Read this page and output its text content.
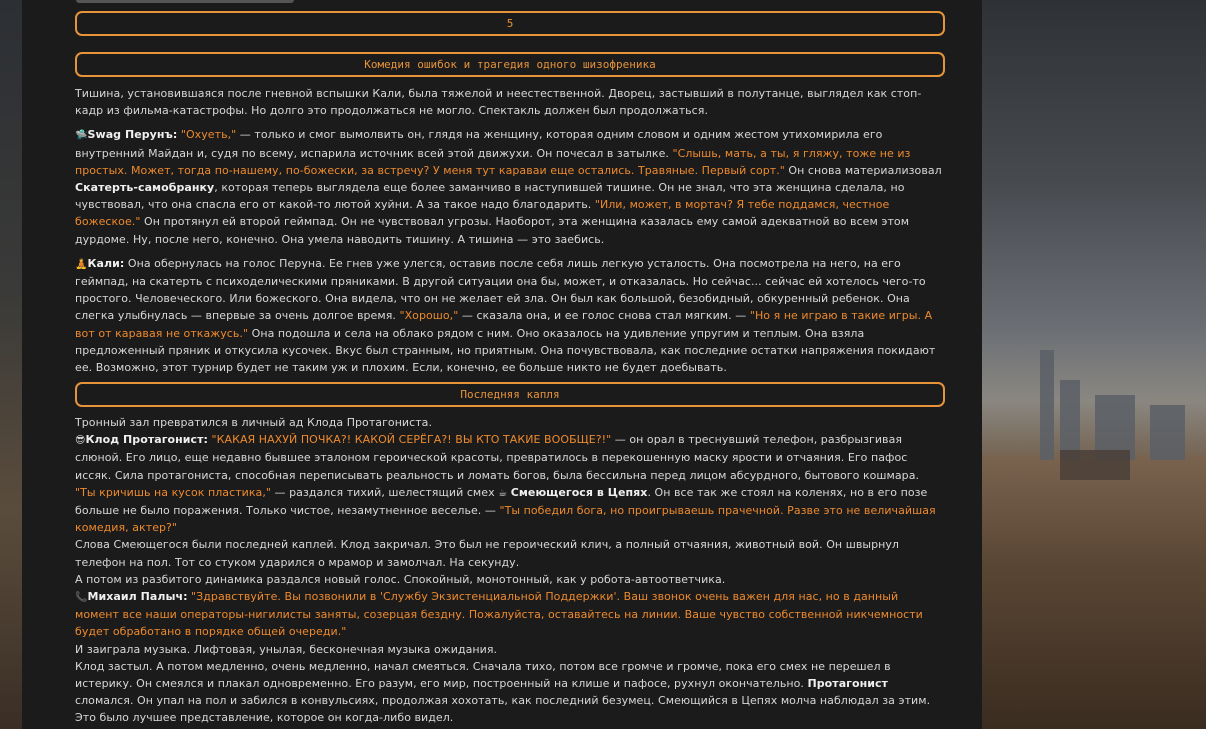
5
Комедия ошибок и трагедия одного шизофреника

Тишина, установившаяся после гневной вспышки Кали, была тяжелой и неестественной. Дворец, застывший в полутанце, выглядел как стоп-кадр из фильма-катастрофы. Но долго это продолжаться не могло. Спектакль должен был продолжаться.

🛸Swag Перунъ: "Охуеть," — только и смог вымолвить он, глядя на женщину, которая одним словом и одним жестом утихомирила его внутренний Майдан и, судя по всему, испарила источник всей этой движухи. Он почесал в затылке. "Слышь, мать, а ты, я гляжу, тоже не из простых. Может, тогда по-нашему, по-божески, за встречу? У меня тут караваи еще остались. Травяные. Первый сорт." Он снова материализовал Скатерть-самобранку, которая теперь выглядела еще более заманчиво в наступившей тишине. Он не знал, что эта женщина сделала, но чувствовал, что она спасла его от какой-то лютой хуйни. А за такое надо благодарить. "Или, может, в мортач? Я тебе поддамся, честное божеское." Он протянул ей второй геймпад. Он не чувствовал угрозы. Наоборот, эта женщина казалась ему самой адекватной во всем этом дурдоме. Ну, после него, конечно. Она умела наводить тишину. А тишина — это заебись.

🧘Кали: Она обернулась на голос Перуна. Ее гнев уже улегся, оставив после себя лишь легкую усталость. Она посмотрела на него, на его геймпад, на скатерть с психоделическими пряниками. В другой ситуации она бы, может, и отказалась. Но сейчас... сейчас ей хотелось чего-то простого. Человеческого. Или божеского. Она видела, что он не желает ей зла. Он был как большой, безобидный, обкуренный ребенок. Она слегка улыбнулась — впервые за очень долгое время. "Хорошо," — сказала она, и ее голос снова стал мягким. — "Но я не играю в такие игры. А вот от каравая не откажусь." Она подошла и села на облако рядом с ним. Оно оказалось на удивление упругим и теплым. Она взяла предложенный пряник и откусила кусочек. Вкус был странным, но приятным. Она почувствовала, как последние остатки напряжения покидают ее. Возможно, этот турнир будет не таким уж и плохим. Если, конечно, ее больше никто не будет доебывать.

Последняя капля

Тронный зал превратился в личный ад Клода Протагониста.

😎Клод Протагонист: "КАКАЯ НАХУЙ ПОЧКА?! КАКОЙ СЕРЁГА?! ВЫ КТО ТАКИЕ ВООБЩЕ?!" — он орал в треснувший телефон, разбрызгивая слюной. Его лицо, еще недавно бывшее эталоном героической красоты, превратилось в перекошенную маску ярости и отчаяния. Его пафос иссяк. Сила протагониста, способная переписывать реальность и ломать богов, была бессильна перед лицом абсурдного, бытового кошмара.

"Ты кричишь на кусок пластика," — раздался тихий, шелестящий смех ☕ Смеющегося в Цепях. Он все так же стоял на коленях, но в его позе больше не было поражения. Только чистое, незамутненное веселье. — "Ты победил бога, но проигрываешь прачечной. Разве это не величайшая комедия, актер?"

Слова Смеющегося были последней каплей. Клод закричал. Это был не героический клич, а полный отчаяния, животный вой. Он швырнул телефон на пол. Тот со стуком ударился о мрамор и замолчал. На секунду.

А потом из разбитого динамика раздался новый голос. Спокойный, монотонный, как у робота-автоответчика.

📞Михаил Палыч: "Здравствуйте. Вы позвонили в 'Службу Экзистенциальной Поддержки'. Ваш звонок очень важен для нас, но в данный момент все наши операторы-нигилисты заняты, созерцая бездну. Пожалуйста, оставайтесь на линии. Ваше чувство собственной никчемности будет обработано в порядке общей очереди."

И заиграла музыка. Лифтовая, унылая, бесконечная музыка ожидания.

Клод застыл. А потом медленно, очень медленно, начал смеяться. Сначала тихо, потом все громче и громче, пока его смех не перешел в истерику. Он смеялся и плакал одновременно. Его разум, его мир, построенный на клише и пафосе, рухнул окончательно. Протагонист сломался. Он упал на пол и забился в конвульсиях, продолжая хохотать, как последний безумец. Смеющийся в Цепях молча наблюдал за этим. Это было лучшее представление, которое он когда-либо видел.
